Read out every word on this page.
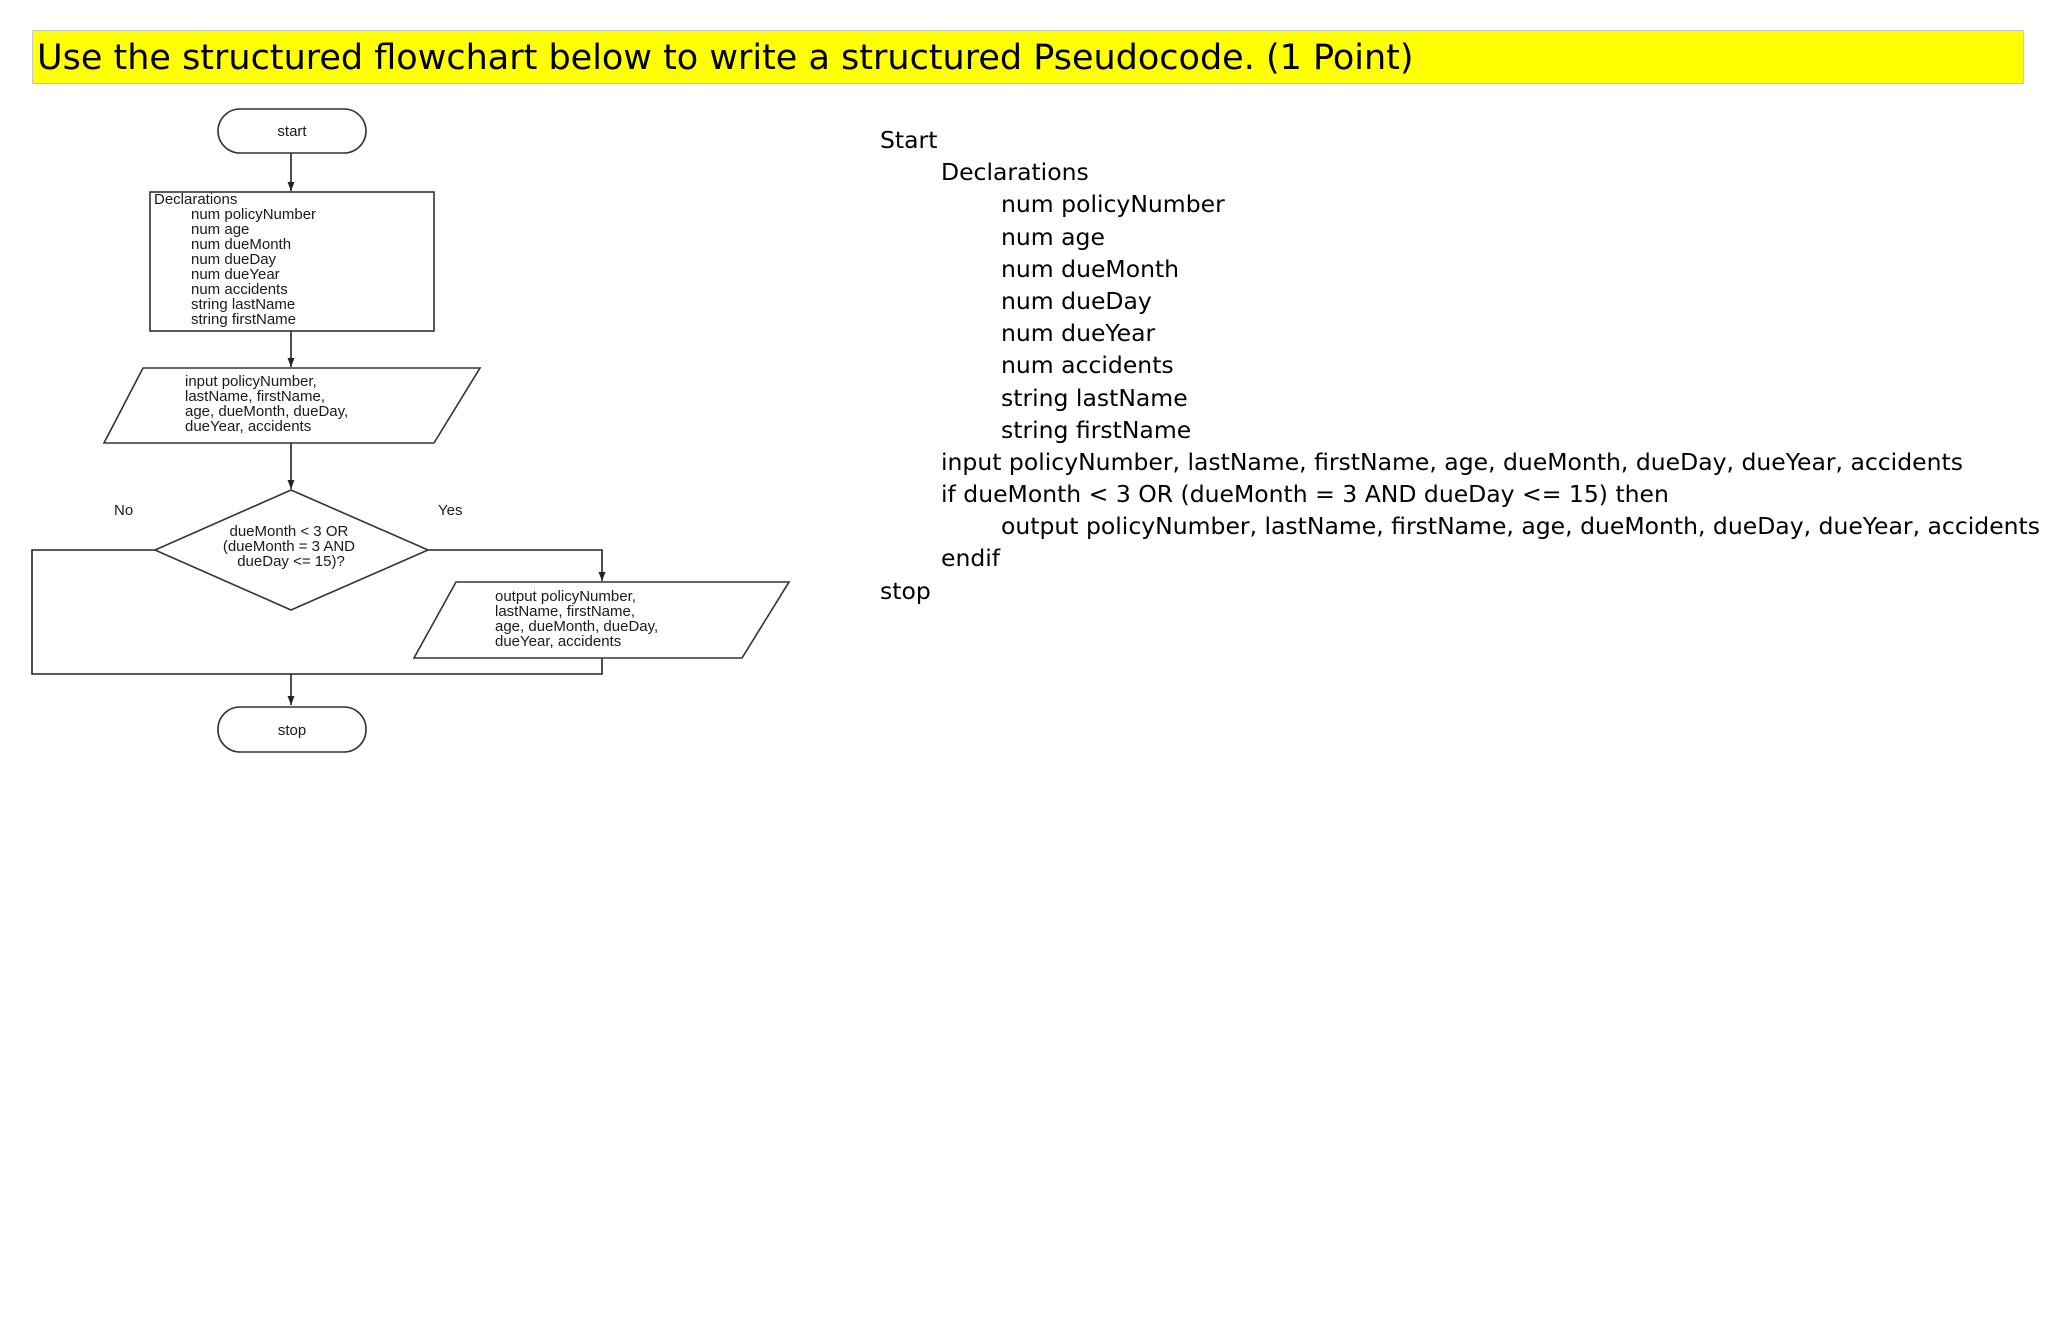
Use the structured flowchart below to write a structured Pseudocode. (1 Point)
start
Declarations num policyNumber num age num dueMonth num dueDay num dueYear num accidents string lastName string firstName
input policyNumber, lastName, firstName, age, dueMonth, dueDay, dueYear, accidents
dueMonth < 3 OR (dueMonth = 3 AND dueDay <= 15)?
No	Yes
output policyNumber, lastName, firstName, age, dueMonth, dueDay, dueYear, accidents
stop
Start
Declarations
num policyNumber
num age
num dueMonth
num dueDay
num dueYear
num accidents
string lastName
string firstName
input policyNumber, lastName, firstName, age, dueMonth, dueDay, dueYear, accidents
if dueMonth < 3 OR (dueMonth = 3 AND dueDay <= 15) then
output policyNumber, lastName, firstName, age, dueMonth, dueDay, dueYear, accidents
endif
stop
